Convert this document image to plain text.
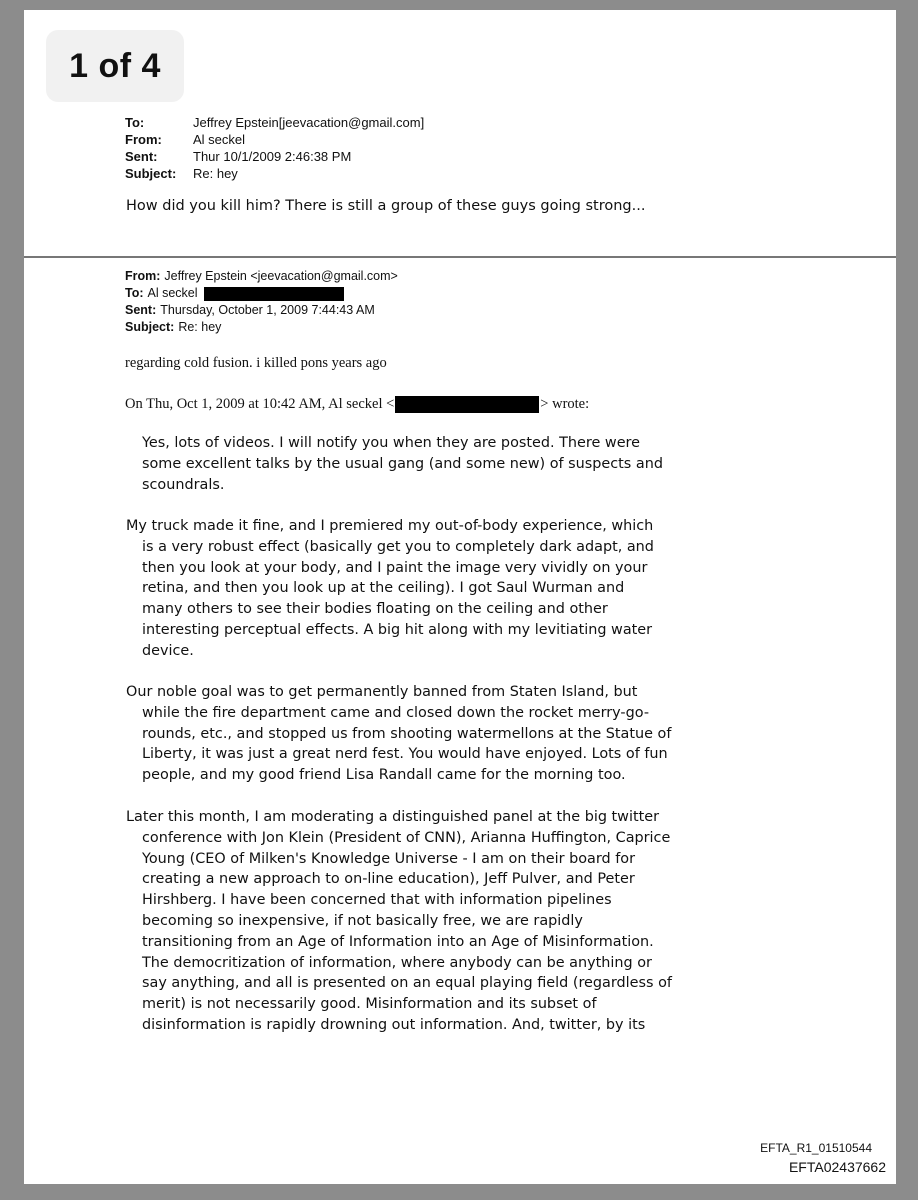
1 of 4
To:	Jeffrey Epstein[jeevacation@gmail.com]
From:	Al seckel
Sent:	Thur 10/1/2009 2:46:38 PM
Subject:	Re: hey
How did you kill him? There is still a group of these guys going strong...
From: Jeffrey Epstein <jeevacation@gmail.com>
To: Al seckel
Sent: Thursday, October 1, 2009 7:44:43 AM
Subject: Re: hey
regarding cold fusion. i killed pons years ago
On Thu, Oct 1, 2009 at 10:42 AM, Al seckel <	> wrote:
Yes, lots of videos. I will notify you when they are posted. There were
some excellent talks by the usual gang (and some new) of suspects and
scoundrals.
My truck made it fine, and I premiered my out-of-body experience, which
is a very robust effect (basically get you to completely dark adapt, and
then you look at your body, and I paint the image very vividly on your
retina, and then you look up at the ceiling). I got Saul Wurman and
many others to see their bodies floating on the ceiling and other
interesting perceptual effects. A big hit along with my levitiating water
device.
Our noble goal was to get permanently banned from Staten Island, but
while the fire department came and closed down the rocket merry-go-
rounds, etc., and stopped us from shooting watermellons at the Statue of
Liberty, it was just a great nerd fest. You would have enjoyed. Lots of fun
people, and my good friend Lisa Randall came for the morning too.
Later this month, I am moderating a distinguished panel at the big twitter
conference with Jon Klein (President of CNN), Arianna Huffington, Caprice
Young (CEO of Milken's Knowledge Universe - I am on their board for
creating a new approach to on-line education), Jeff Pulver, and Peter
Hirshberg. I have been concerned that with information pipelines
becoming so inexpensive, if not basically free, we are rapidly
transitioning from an Age of Information into an Age of Misinformation.
The democritization of information, where anybody can be anything or
say anything, and all is presented on an equal playing field (regardless of
merit) is not necessarily good. Misinformation and its subset of
disinformation is rapidly drowning out information. And, twitter, by its
EFTA_R1_01510544
EFTA02437662
